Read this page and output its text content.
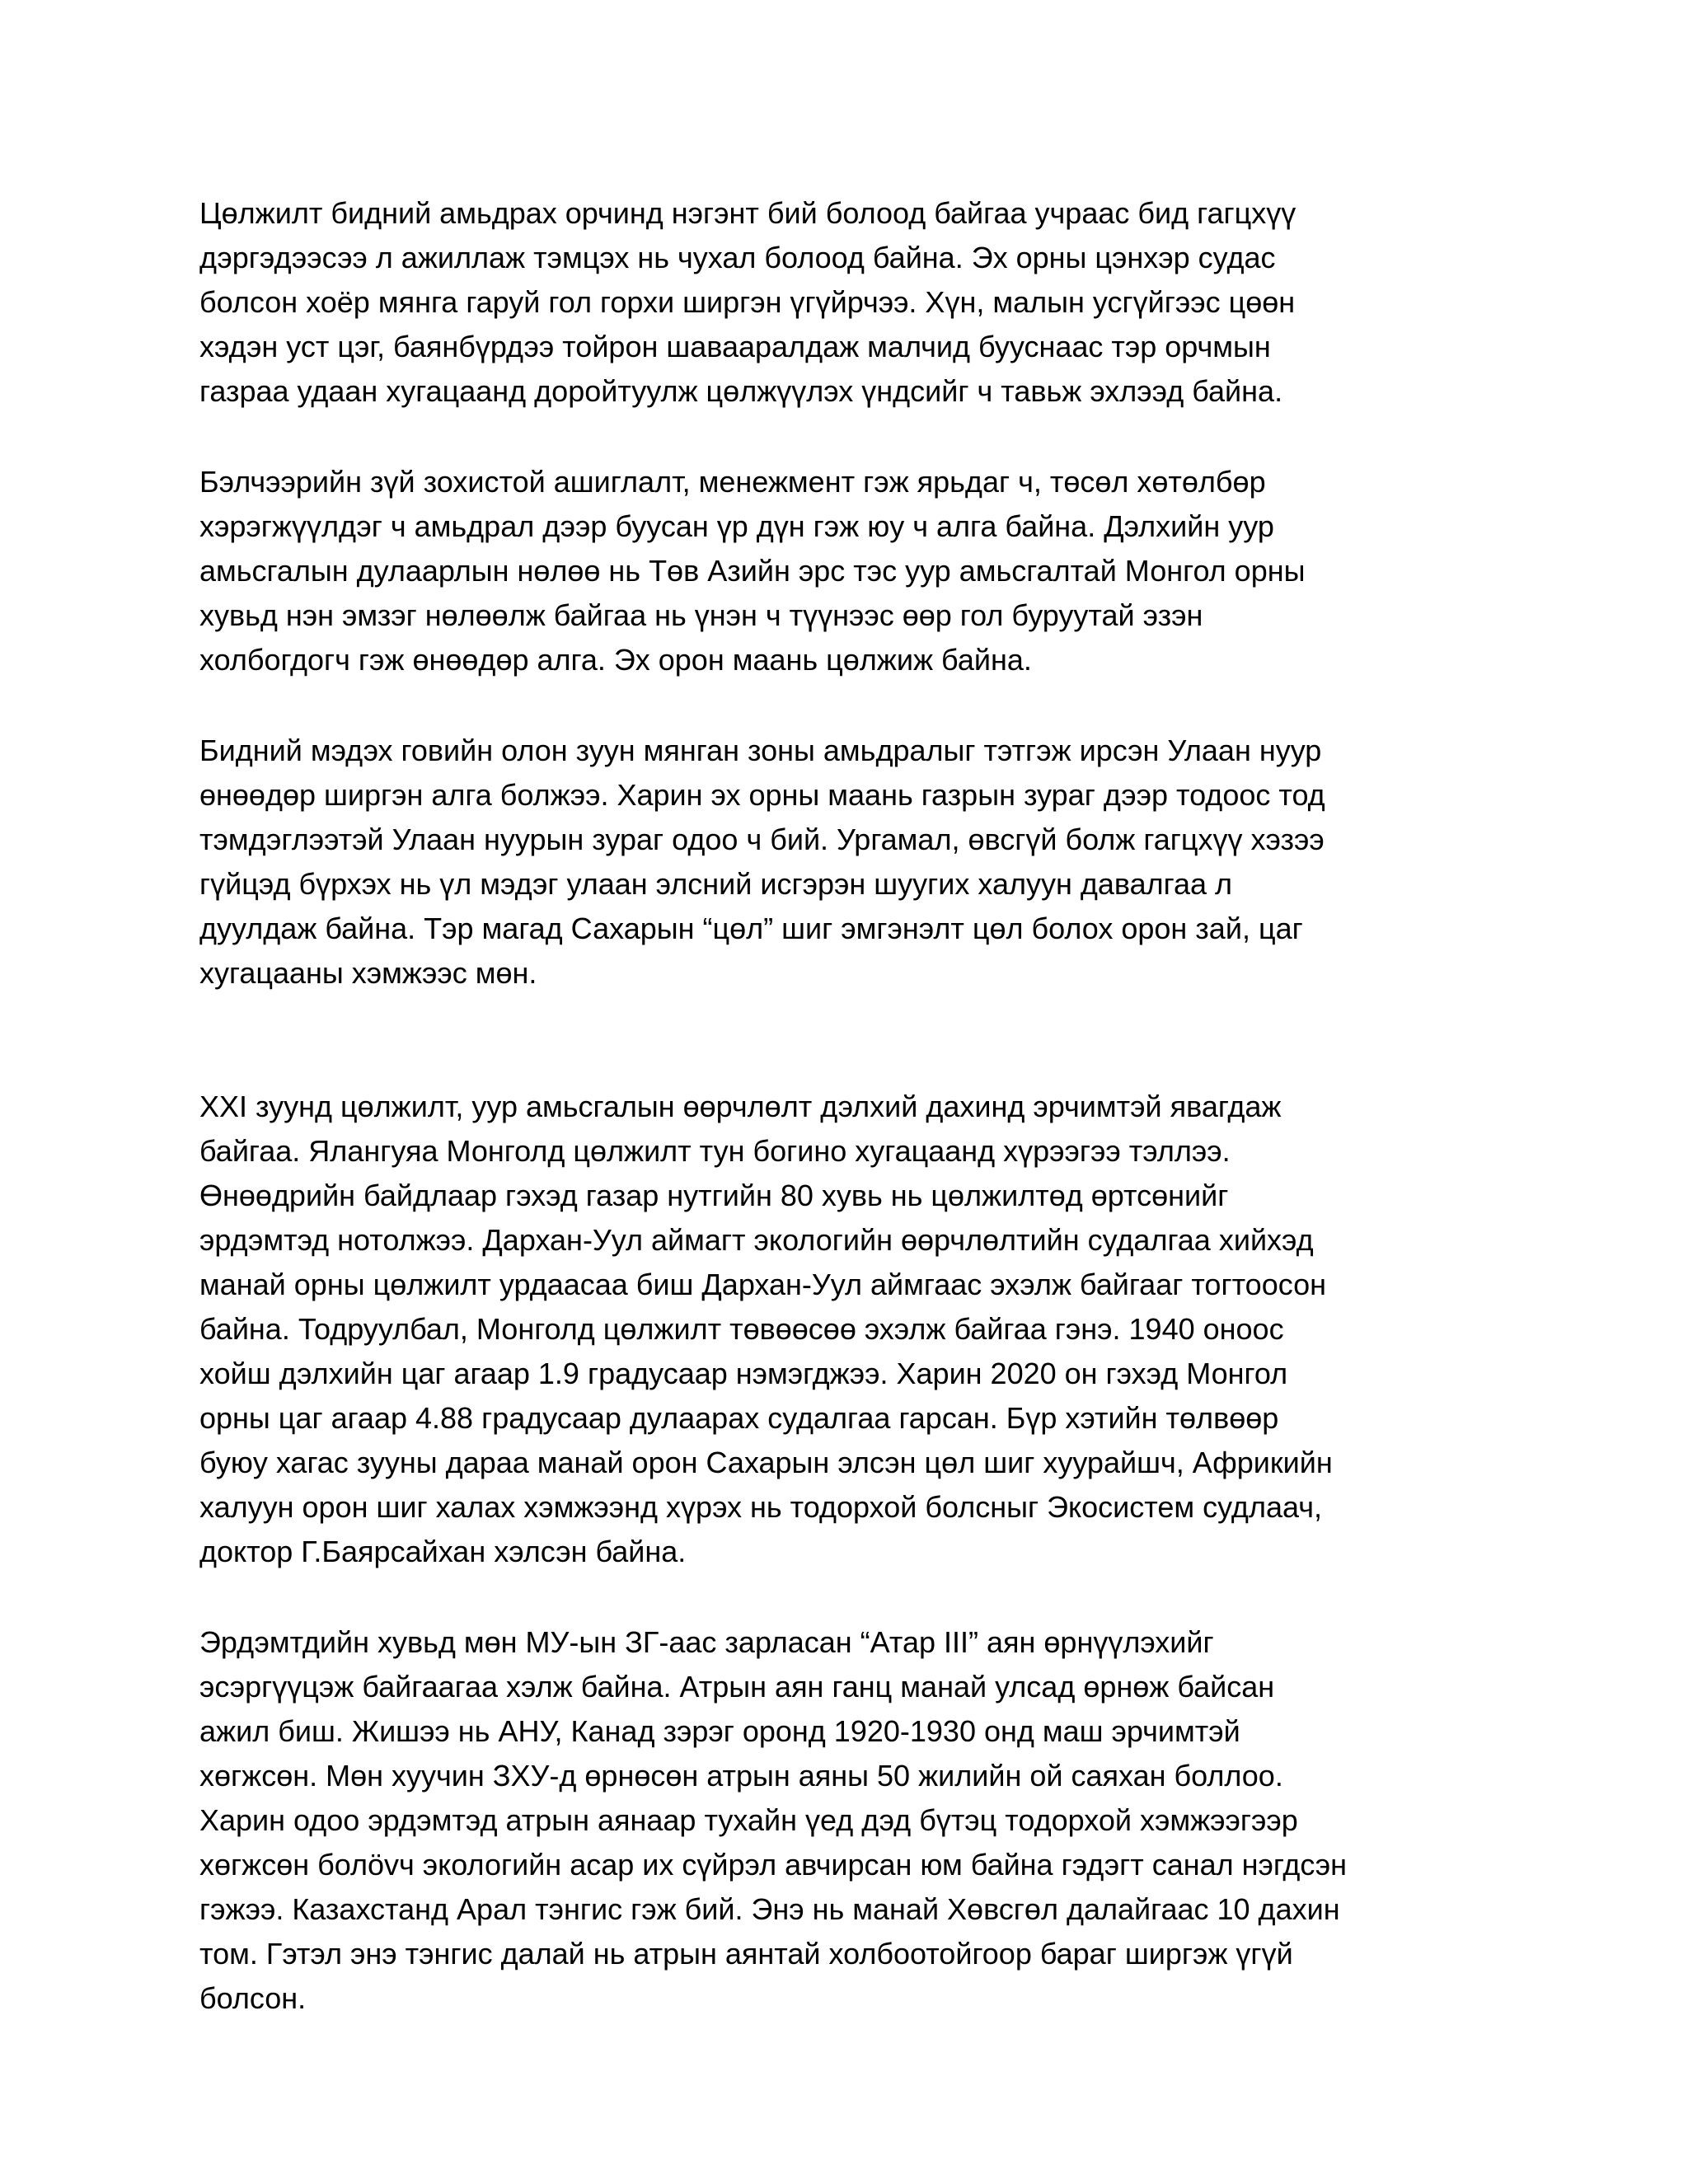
Цөлжилт бидний амьдрах орчинд нэгэнт бий болоод байгаа учраас бид гагцхүү
дэргэдээсээ л ажиллаж тэмцэх нь чухал болоод байна. Эх орны цэнхэр судас
болсон хоёр мянга гаруй гол горхи ширгэн үгүйрчээ. Хүн, малын усгүйгээс цөөн
хэдэн уст цэг, баянбүрдээ тойрон шавааралдаж малчид бууснаас тэр орчмын
газраа удаан хугацаанд доройтуулж цөлжүүлэх үндсийг ч тавьж эхлээд байна.

Бэлчээрийн зүй зохистой ашиглалт, менежмент гэж ярьдаг ч, төсөл хөтөлбөр
хэрэгжүүлдэг ч амьдрал дээр буусан үр дүн гэж юу ч алга байна. Дэлхийн уур
амьсгалын дулаарлын нөлөө нь Төв Азийн эрс тэс уур амьсгалтай Монгол орны
хувьд нэн эмзэг нөлөөлж байгаа нь үнэн ч түүнээс өөр гол буруутай эзэн
холбогдогч гэж өнөөдөр алга. Эх орон маань цөлжиж байна.

Бидний мэдэх говийн олон зуун мянган зоны амьдралыг тэтгэж ирсэн Улаан нуур
өнөөдөр ширгэн алга болжээ. Харин эх орны маань газрын зураг дээр тодоос тод
тэмдэглээтэй Улаан нуурын зураг одоо ч бий. Ургамал, өвсгүй болж гагцхүү хэзээ
гүйцэд бүрхэх нь үл мэдэг улаан элсний исгэрэн шуугих халуун давалгаа л
дуулдаж байна. Тэр магад Сахарын “цөл” шиг эмгэнэлт цөл болох орон зай, цаг
хугацааны хэмжээс мөн.

XXI зуунд цөлжилт, уур амьсгалын өөрчлөлт дэлхий дахинд эрчимтэй явагдаж
байгаа. Ялангуяа Монголд цөлжилт тун богино хугацаанд хүрээгээ тэллээ.
Өнөөдрийн байдлаар гэхэд газар нутгийн 80 хувь нь цөлжилтөд өртсөнийг
эрдэмтэд нотолжээ. Дархан-Уул аймагт экологийн өөрчлөлтийн судалгаа хийхэд
манай орны цөлжилт урдаасаа биш Дархан-Уул аймгаас эхэлж байгааг тогтоосон
байна. Тодруулбал, Монголд цөлжилт төвөөсөө эхэлж байгаа гэнэ. 1940 оноос
хойш дэлхийн цаг агаар 1.9 градусаар нэмэгджээ. Харин 2020 он гэхэд Монгол
орны цаг агаар 4.88 градусаар дулаарах судалгаа гарсан. Бүр хэтийн төлвөөр
буюу хагас зууны дараа манай орон Сахарын элсэн цөл шиг хуурайшч, Африкийн
халуун орон шиг халах хэмжээнд хүрэх нь тодорхой болсныг Экосистем судлаач,
доктор Г.Баярсайхан хэлсэн байна.

Эрдэмтдийн хувьд мөн МУ-ын ЗГ-аас зарласан “Атар III” аян өрнүүлэхийг
эсэргүүцэж байгаагаа хэлж байна. Атрын аян ганц манай улсад өрнөж байсан
ажил биш. Жишээ нь АНУ, Канад зэрэг оронд 1920-1930 онд маш эрчимтэй
хөгжсөн. Мөн хуучин ЗХУ-д өрнөсөн атрын аяны 50 жилийн ой саяхан боллоо.
Харин одоо эрдэмтэд атрын аянаар тухайн үед дэд бүтэц тодорхой хэмжээгээр
хөгжсөн болövч экологийн асар их сүйрэл авчирсан юм байна гэдэгт санал нэгдсэн
гэжээ. Казахстанд Арал тэнгис гэж бий. Энэ нь манай Хөвсгөл далайгаас 10 дахин
том. Гэтэл энэ тэнгис далай нь атрын аянтай холбоотойгоор бараг ширгэж үгүй
болсон.
